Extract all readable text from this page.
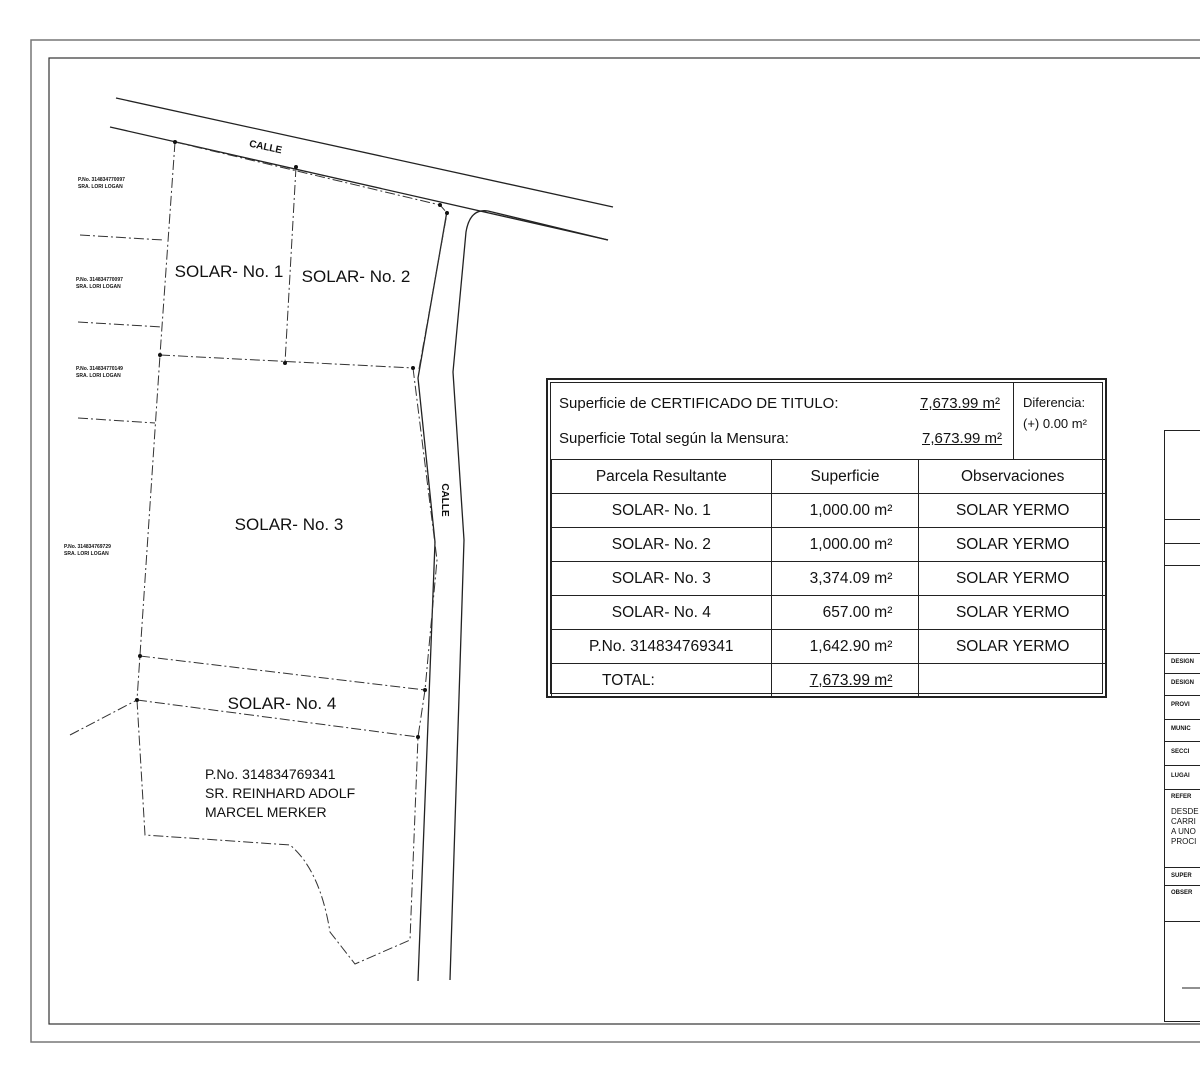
CALLE
CALLE
SOLAR- No. 1 SOLAR- No. 2
SOLAR- No. 3
SOLAR- No. 4
P.No. 314834769341
SR. REINHARD ADOLF
MARCEL MERKER
P.No. 314834770097
SRA. LORI LOGAN
P.No. 314834770097
SRA. LORI LOGAN
P.No. 314834770149
SRA. LORI LOGAN
P.No. 314834769729
SRA. LORI LOGAN
Superficie de CERTIFICADO DE TITULO:	7,673.99 m²
Superficie Total según la Mensura:	7,673.99 m²
Diferencia:
(+) 0.00 m²
Parcela Resultante	Superficie	Observaciones
SOLAR- No. 1	1,000.00 m²	SOLAR YERMO
SOLAR- No. 2	1,000.00 m²	SOLAR YERMO
SOLAR- No. 3	3,374.09 m²	SOLAR YERMO
SOLAR- No. 4	657.00 m²	SOLAR YERMO
P.No. 314834769341	1,642.90 m²	SOLAR YERMO
TOTAL:	7,673.99 m²	
DESIGN
DESIGN
PROVI
MUNIC
SECCI
LUGAI
REFER
DESDE
CARRI
A UNO
PROCI
SUPER
OBSER
